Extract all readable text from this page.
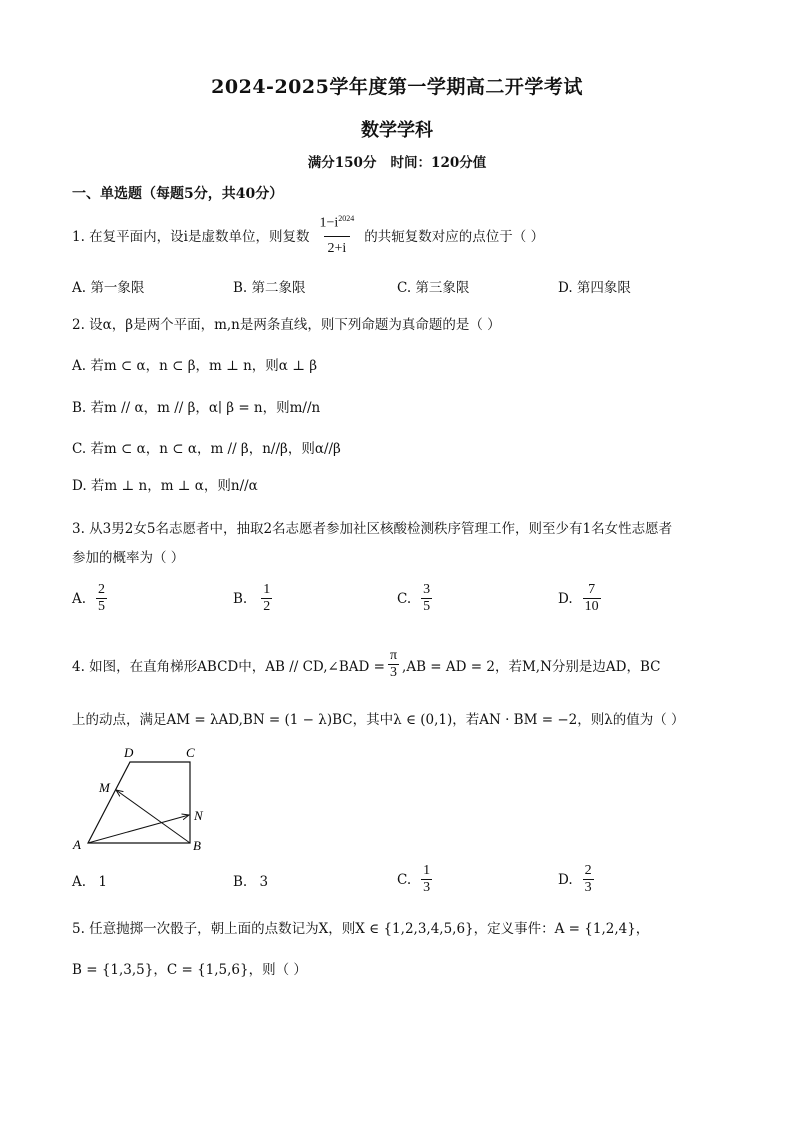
2024-2025学年度第一学期高二开学考试
数学学科
满分150分   时间：120分值
一、单选题（每题5分，共40分）
1. 在复平面内，设i是虚数单位，则复数 $\frac{1-i^{2024}}{2+i}$ 的共轭复数对应的点位于（ ）
A. 第一象限	B. 第二象限	C. 第三象限	D. 第四象限
2. 设α，β是两个平面，m,n是两条直线，则下列命题为真命题的是（ ）
A. 若m ⊂ α，n ⊂ β，m ⊥ n，则α ⊥ β
B. 若m // α，m // β，α∣ β = n，则m//n
C. 若m ⊂ α，n ⊂ α，m // β，n//β，则α//β
D. 若m ⊥ n，m ⊥ α，则n//α
3. 从3男2女5名志愿者中，抽取2名志愿者参加社区核酸检测秩序管理工作，则至少有1名女性志愿者
参加的概率为（ ）
A. $\frac{2}{5}$	B. $\frac{1}{2}$	C. $\frac{3}{5}$	D. $\frac{7}{10}$
4. 如图，在直角梯形ABCD中，AB // CD,∠BAD = $\frac{\pi}{3} ,AB$ = AD = 2，若M,N分别是边AD，BC
上的动点，满足AM = λAD,BN = (1 − λ)BC，其中λ ∈ (0,1)，若AN · BM = −2，则λ的值为（ ）
D	C
M
N
A	B
A. 1	B. 3	C. $\frac{1}{3}$	D. $\frac{2}{3}$
5. 任意抛掷一次骰子，朝上面的点数记为X，则X ∈ {1,2,3,4,5,6}，定义事件：A = {1,2,4}，
B = {1,3,5}，C = {1,5,6}，则（ ）
